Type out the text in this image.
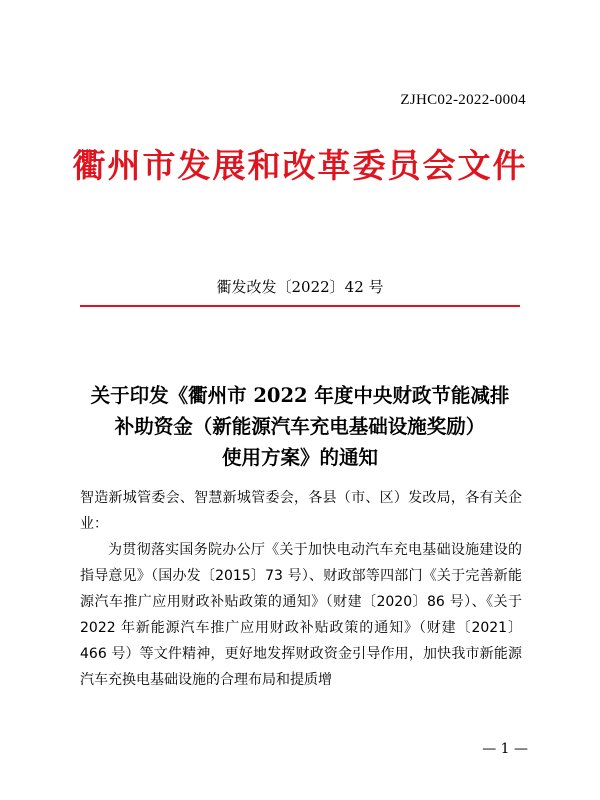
ZJHC02-2022-0004
衢州市发展和改革委员会文件
衢发改发〔2022〕42 号
关于印发《衢州市 2022 年度中央财政节能减排
补助资金（新能源汽车充电基础设施奖励）
使用方案》的通知

智造新城管委会、智慧新城管委会，各县（市、区）发改局，各有关企业：

为贯彻落实国务院办公厅《关于加快电动汽车充电基础设施建设的指导意见》（国办发〔2015〕73 号）、财政部等四部门《关于完善新能源汽车推广应用财政补贴政策的通知》（财建〔2020〕86 号）、《关于 2022 年新能源汽车推广应用财政补贴政策的通知》（财建〔2021〕466 号）等文件精神，更好地发挥财政资金引导作用，加快我市新能源汽车充换电基础设施的合理布局和提质增

— 1 —
